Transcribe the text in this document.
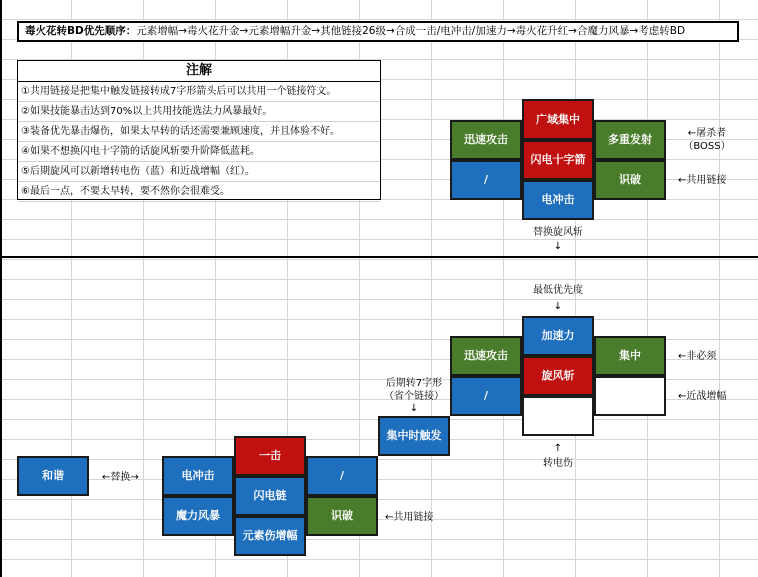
毒火花转BD优先顺序：元素增幅→毒火花升金→元素增幅升金→其他链接26级→合成一击/电冲击/加速力→毒火花升红→合魔力风暴→考虑转BD
注解
①共用链接是把集中触发链接转成7字形箭头后可以共用一个链接符文。
②如果技能暴击达到70%以上共用技能选法力风暴最好。
③装备优先暴击爆伤，如果太早转的话还需要兼顾速度，并且体验不好。
④如果不想换闪电十字箭的话旋风斩要升阶降低蓝耗。
⑤后期旋风可以新增转电伤（蓝）和近战增幅（红）。
⑥最后一点，不要太早转，要不然你会很难受。
迅速攻击
/
广域集中
闪电十字箭
电冲击
多重发射
识破
←屠杀者
（BOSS）
←共用链接
替换旋风斩
↓
和谐	←替换→	电冲击
魔力风暴
一击
闪电链
元素伤增幅
/
识破	←共用链接
后期转7字形
（省个链接）
↓
集中时触发
迅速攻击
/
最低优先度
↓
加速力
旋风斩
↑
转电伤
集中	←非必须
←近战增幅
